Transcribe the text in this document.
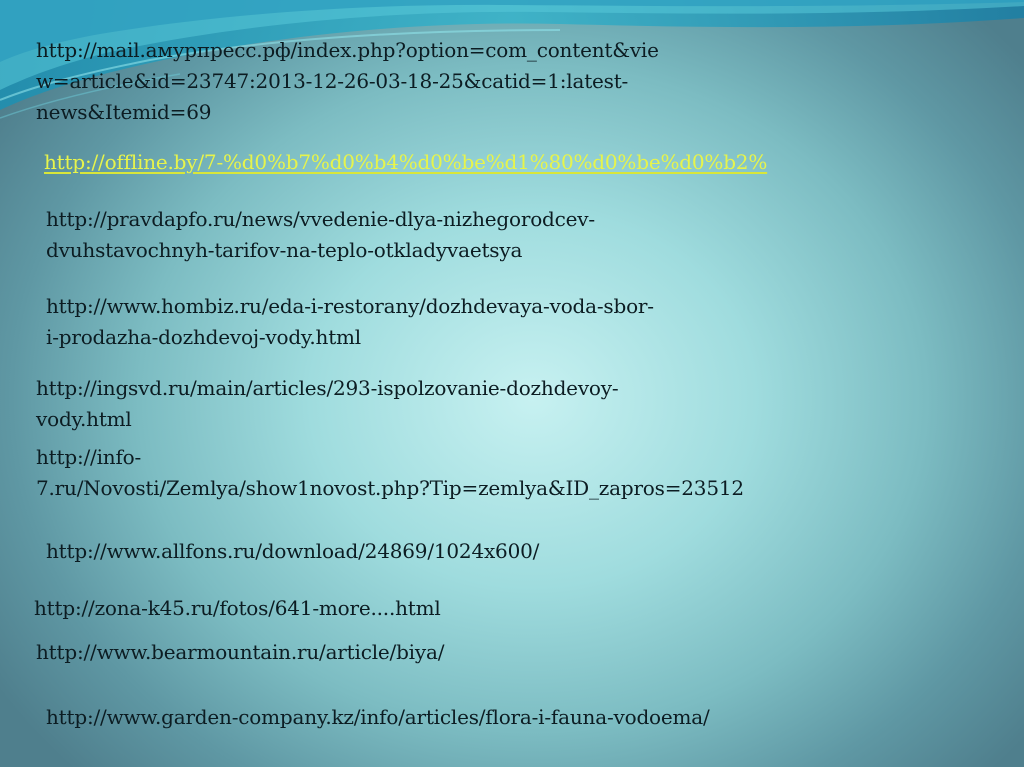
http://mail.амурпресс.рф/index.php?option=com_content&vie
w=article&id=23747:2013-12-26-03-18-25&catid=1:latest-
news&Itemid=69

http://offline.by/7-%d0%b7%d0%b4%d0%be%d1%80%d0%be%d0%b2%

http://pravdapfo.ru/news/vvedenie-dlya-nizhegorodcev-
dvuhstavochnyh-tarifov-na-teplo-otkladyvaetsya

http://www.hombiz.ru/eda-i-restorany/dozhdevaya-voda-sbor-
i-prodazha-dozhdevoj-vody.html

http://ingsvd.ru/main/articles/293-ispolzovanie-dozhdevoy-
vody.html

http://info-
7.ru/Novosti/Zemlya/show1novost.php?Tip=zemlya&ID_zapros=23512

http://www.allfons.ru/download/24869/1024x600/

http://zona-k45.ru/fotos/641-more....html

http://www.bearmountain.ru/article/biya/

http://www.garden-company.kz/info/articles/flora-i-fauna-vodoema/
